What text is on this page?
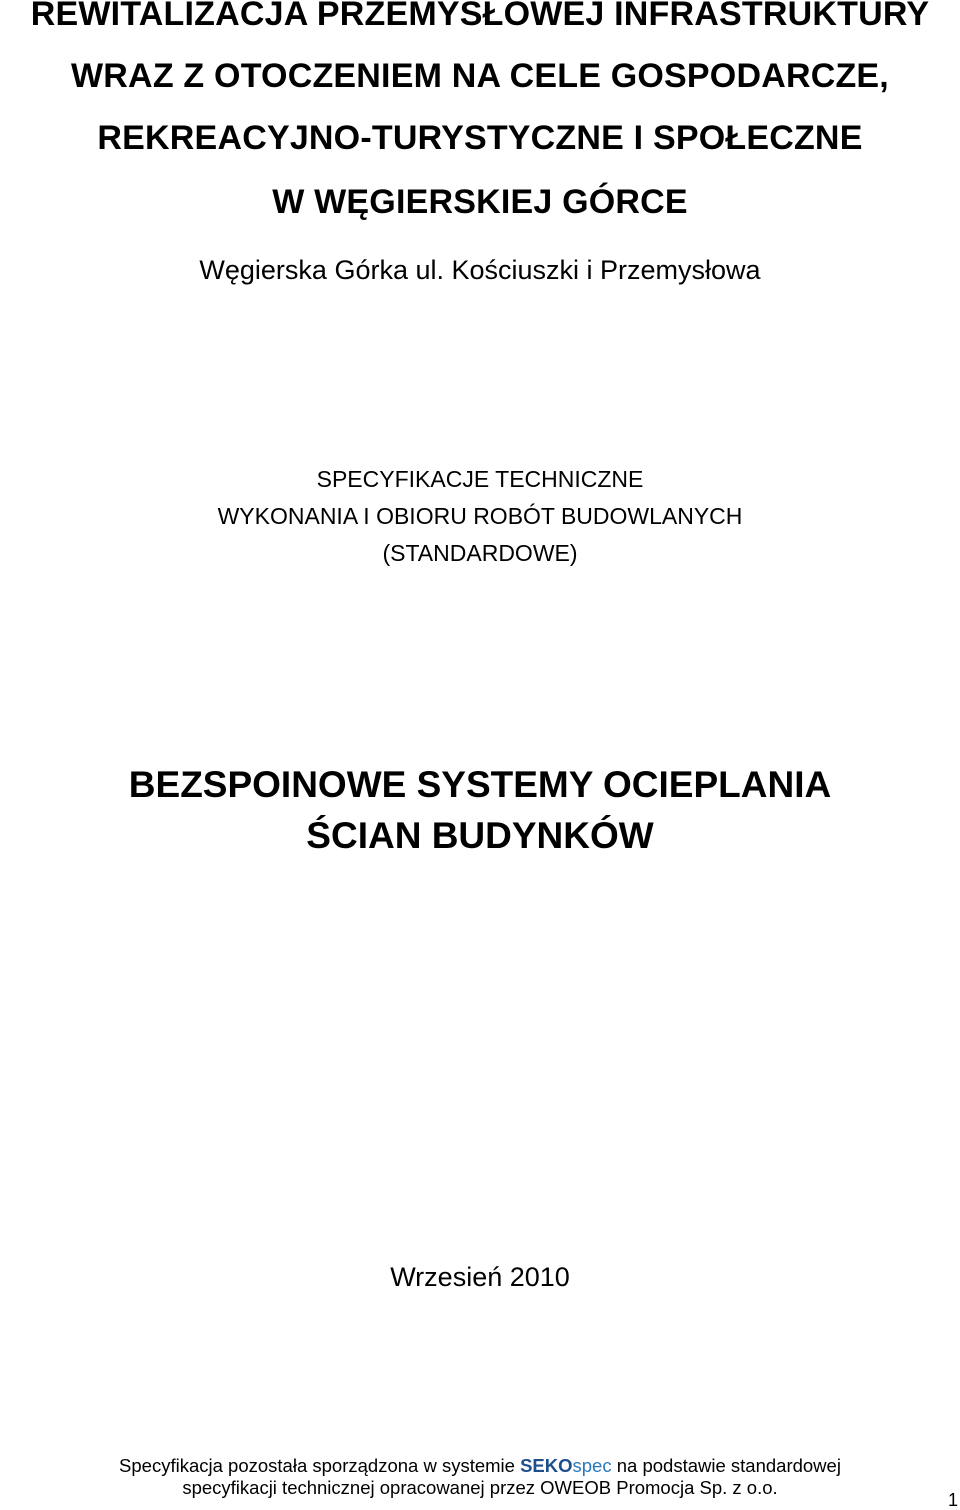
REWITALIZACJA PRZEMYSŁOWEJ INFRASTRUKTURY
WRAZ Z OTOCZENIEM NA CELE GOSPODARCZE,
REKREACYJNO-TURYSTYCZNE I SPOŁECZNE
W WĘGIERSKIEJ GÓRCE
Węgierska Górka ul. Kościuszki i Przemysłowa
SPECYFIKACJE TECHNICZNE
WYKONANIA I OBIORU ROBÓT BUDOWLANYCH
(STANDARDOWE)
BEZSPOINOWE SYSTEMY OCIEPLANIA
ŚCIAN BUDYNKÓW
Wrzesień 2010
Specyfikacja pozostała sporządzona w systemie SEKOspec na podstawie standardowej
specyfikacji technicznej opracowanej przez OWEOB Promocja Sp. z o.o.
1
